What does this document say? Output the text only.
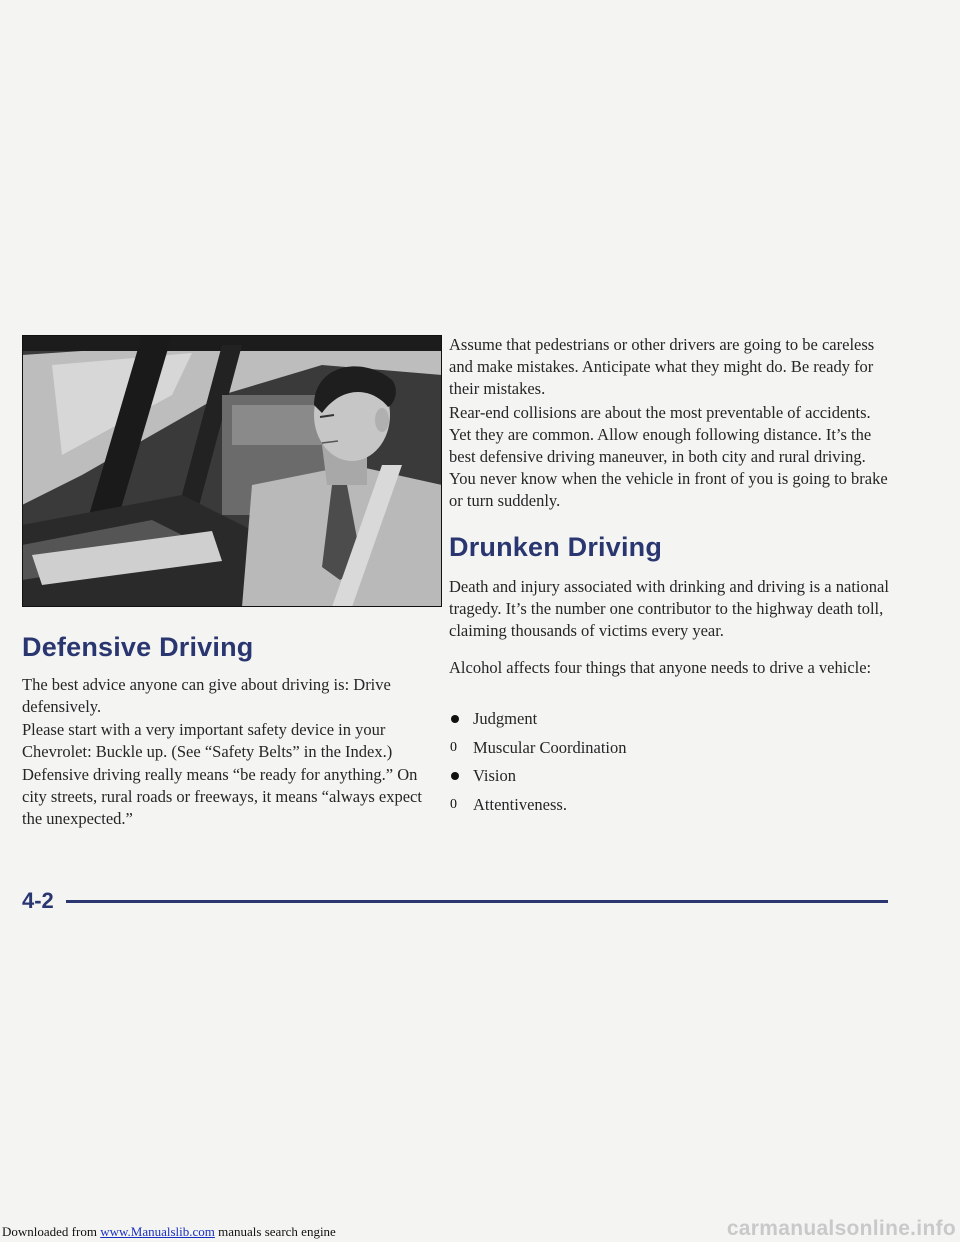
Defensive Driving

The best advice anyone can give about driving is: Drive defensively.

Please start with a very important safety device in your Chevrolet: Buckle up. (See “Safety Belts” in the Index.)

Defensive driving really means “be ready for anything.” On city streets, rural roads or freeways, it means “always expect the unexpected.”

Assume that pedestrians or other drivers are going to be careless and make mistakes. Anticipate what they might do. Be ready for their mistakes.

Rear-end collisions are about the most preventable of accidents. Yet they are common. Allow enough following distance. It’s the best defensive driving maneuver, in both city and rural driving. You never know when the vehicle in front of you is going to brake or turn suddenly.

Drunken Driving

Death and injury associated with drinking and driving is a national tragedy. It’s the number one contributor to the highway death toll, claiming thousands of victims every year.

Alcohol affects four things that anyone needs to drive a vehicle:

Judgment
0 Muscular Coordination
Vision
0 Attentiveness.
4-2
Downloaded from www.Manualslib.com manuals search engine	carmanualsonline.info
